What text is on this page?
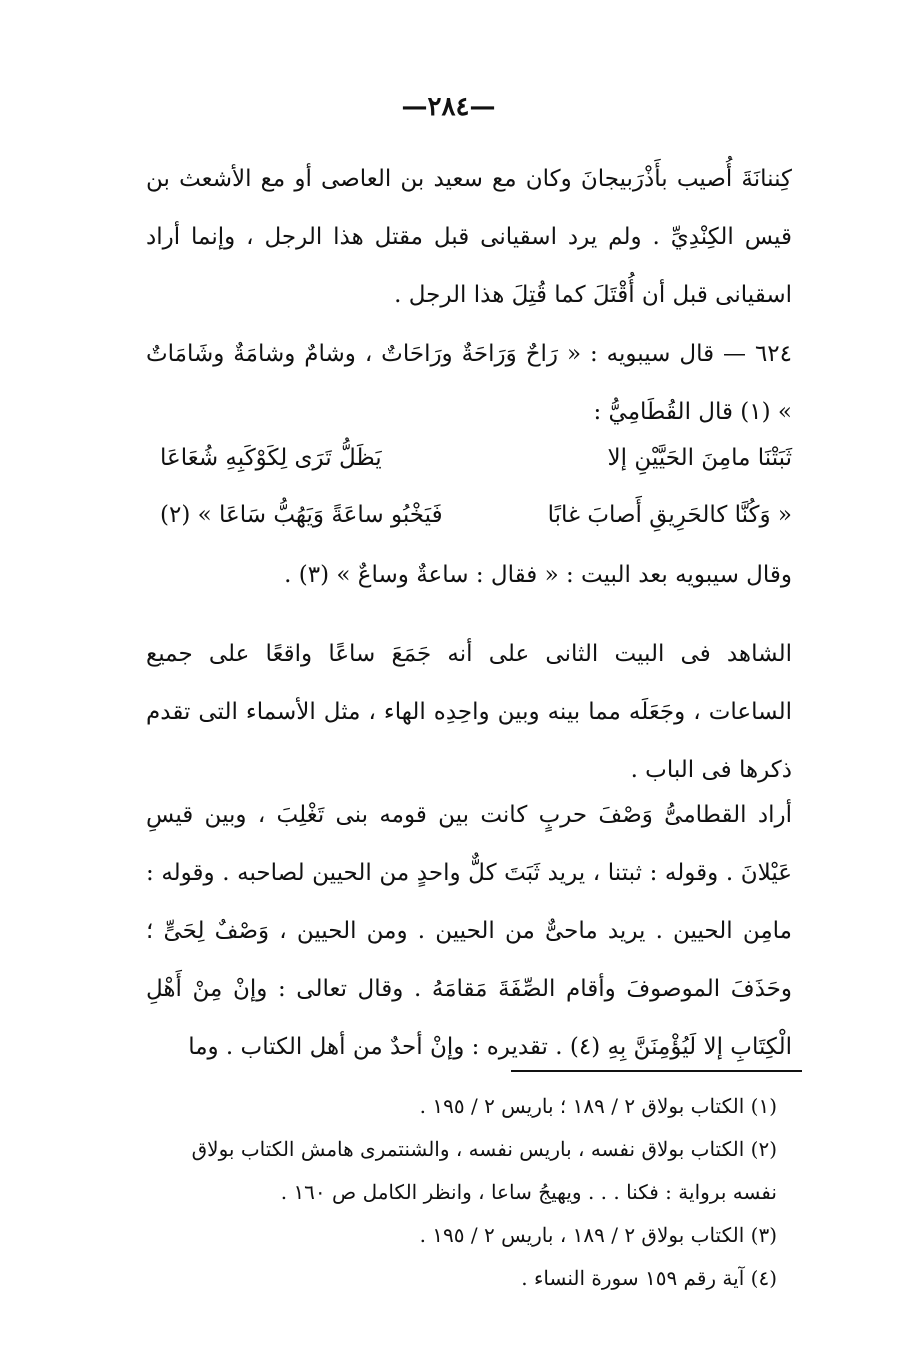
—٢٨٤—

كِننانَةَ أُصيب بأَذْرَبيجانَ وكان مع سعيد بن العاصى أو مع الأشعث بن قيس الكِنْدِيِّ . ولم يرد اسقيانى قبل مقتل هذا الرجل ، وإنما أراد اسقيانى قبل أن أُقْتَلَ كما قُتِلَ هذا الرجل .

٦٢٤ — قال سيبويه : « رَاحٌ وَرَاحَةٌ ورَاحَاتٌ ، وشامٌ وشامَةٌ وشَامَاتٌ » (١) قال القُطَامِيُّ :

ثَبَتْنَا مامِنَ الحَيَّيْنِ إلا
يَظَلُّ تَرَى لِكَوْكَبِهِ شُعَاعَا
« وَكُنَّا كالحَرِيقِ أَصابَ غابًا
فَيَخْبُو ساعَةً وَيَهُبُّ سَاعَا » (٢)
وقال سيبويه بعد البيت : « فقال : ساعةٌ وساعٌ » (٣) .

الشاهد فى البيت الثانى على أنه جَمَعَ ساعًا واقعًا على جميع الساعات ، وجَعَلَه مما بينه وبين واحِدِه الهاء ، مثل الأسماء التى تقدم ذكرها فى الباب .

أراد القطامىُّ وَصْفَ حربٍ كانت بين قومه بنى تَغْلِبَ ، وبين قيسِ عَيْلانَ . وقوله : ثبتنا ، يريد ثَبَتَ كلٌّ واحدٍ من الحيين لصاحبه . وقوله : مامِن الحيين . يريد ماحىٌّ من الحيين . ومن الحيين ، وَصْفٌ لِحَىٍّ ؛ وحَذَفَ الموصوفَ وأقام الصِّفَةَ مَقامَهُ . وقال تعالى : وإنْ مِنْ أَهْلِ الْكِتَابِ إلا لَيُؤْمِنَنَّ بِهِ (٤) . تقديره : وإنْ أحدٌ من أهل الكتاب . وما

(١) الكتاب بولاق ٢ / ١٨٩ ؛ باريس ٢ / ١٩٥ .
(٢) الكتاب بولاق نفسه ، باريس نفسه ، والشنتمرى هامش الكتاب بولاق نفسه برواية : فكنا . . . ويهيجُ ساعا ، وانظر الكامل ص ١٦٠ .
(٣) الكتاب بولاق ٢ / ١٨٩ ، باريس ٢ / ١٩٥ .
(٤) آية رقم ١٥٩ سورة النساء .
